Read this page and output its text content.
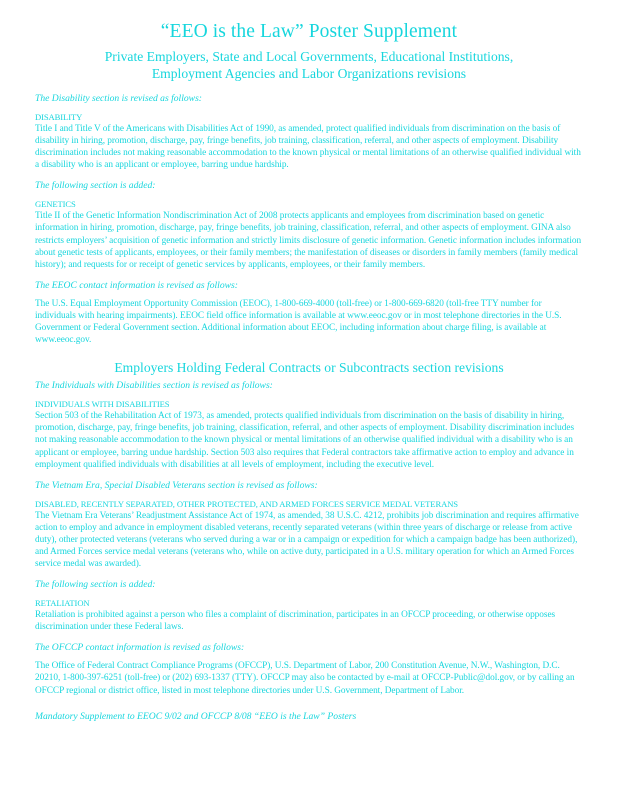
“EEO is the Law” Poster Supplement

Private Employers, State and Local Governments, Educational Institutions,

Employment Agencies and Labor Organizations revisions

The Disability section is revised as follows:

DISABILITY

Title I and Title V of the Americans with Disabilities Act of 1990, as amended, protect qualified individuals from discrimination on the basis of disability in hiring, promotion, discharge, pay, fringe benefits, job training, classification, referral, and other aspects of employment. Disability discrimination includes not making reasonable accommodation to the known physical or mental limitations of an otherwise qualified individual with a disability who is an applicant or employee, barring undue hardship.

The following section is added:

GENETICS

Title II of the Genetic Information Nondiscrimination Act of 2008 protects applicants and employees from discrimination based on genetic information in hiring, promotion, discharge, pay, fringe benefits, job training, classification, referral, and other aspects of employment. GINA also restricts employers’ acquisition of genetic information and strictly limits disclosure of genetic information. Genetic information includes information about genetic tests of applicants, employees, or their family members; the manifestation of diseases or disorders in family members (family medical history); and requests for or receipt of genetic services by applicants, employees, or their family members.

The EEOC contact information is revised as follows:

The U.S. Equal Employment Opportunity Commission (EEOC), 1-800-669-4000 (toll-free) or 1-800-669-6820 (toll-free TTY number for individuals with hearing impairments). EEOC field office information is available at www.eeoc.gov or in most telephone directories in the U.S. Government or Federal Government section. Additional information about EEOC, including information about charge filing, is available at www.eeoc.gov.

Employers Holding Federal Contracts or Subcontracts section revisions

The Individuals with Disabilities section is revised as follows:

INDIVIDUALS WITH DISABILITIES

Section 503 of the Rehabilitation Act of 1973, as amended, protects qualified individuals from discrimination on the basis of disability in hiring, promotion, discharge, pay, fringe benefits, job training, classification, referral, and other aspects of employment. Disability discrimination includes not making reasonable accommodation to the known physical or mental limitations of an otherwise qualified individual with a disability who is an applicant or employee, barring undue hardship. Section 503 also requires that Federal contractors take affirmative action to employ and advance in employment qualified individuals with disabilities at all levels of employment, including the executive level.

The Vietnam Era, Special Disabled Veterans section is revised as follows:

DISABLED, RECENTLY SEPARATED, OTHER PROTECTED, AND ARMED FORCES SERVICE MEDAL VETERANS

The Vietnam Era Veterans’ Readjustment Assistance Act of 1974, as amended, 38 U.S.C. 4212, prohibits job discrimination and requires affirmative action to employ and advance in employment disabled veterans, recently separated veterans (within three years of discharge or release from active duty), other protected veterans (veterans who served during a war or in a campaign or expedition for which a campaign badge has been authorized), and Armed Forces service medal veterans (veterans who, while on active duty, participated in a U.S. military operation for which an Armed Forces service medal was awarded).

The following section is added:

RETALIATION

Retaliation is prohibited against a person who files a complaint of discrimination, participates in an OFCCP proceeding, or otherwise opposes discrimination under these Federal laws.

The OFCCP contact information is revised as follows:

The Office of Federal Contract Compliance Programs (OFCCP), U.S. Department of Labor, 200 Constitution Avenue, N.W., Washington, D.C. 20210, 1-800-397-6251 (toll-free) or (202) 693-1337 (TTY). OFCCP may also be contacted by e-mail at OFCCP-Public@dol.gov, or by calling an OFCCP regional or district office, listed in most telephone directories under U.S. Government, Department of Labor.

Mandatory Supplement to EEOC 9/02 and OFCCP 8/08 “EEO is the Law” Posters
